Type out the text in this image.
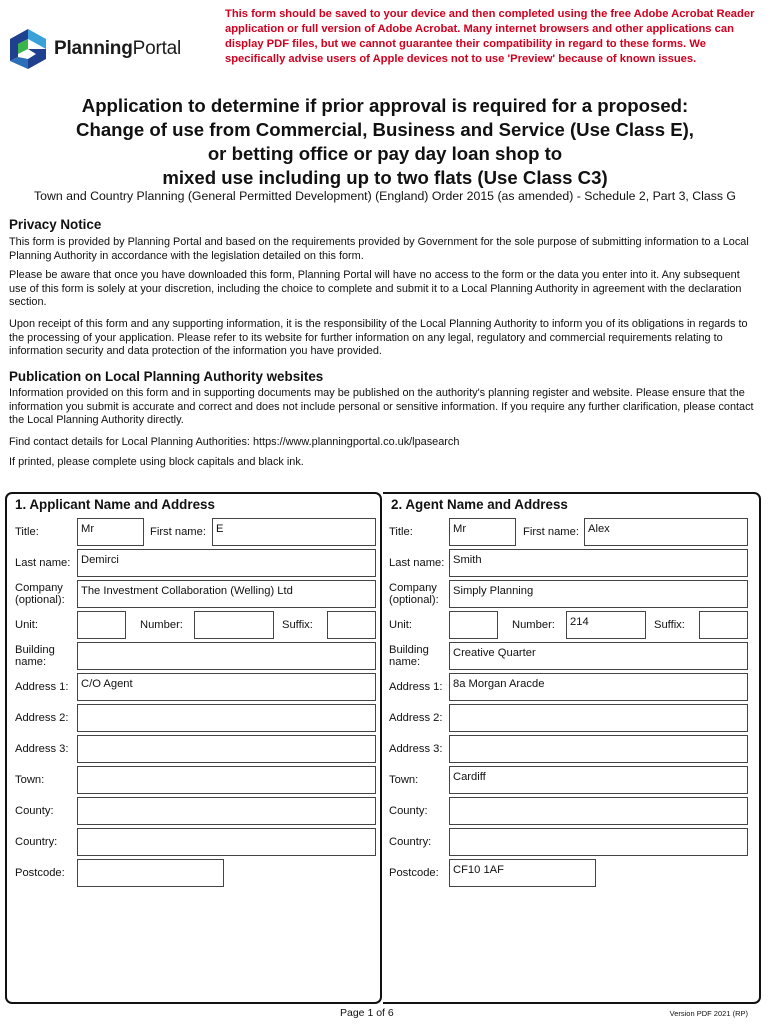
PlanningPortal
This form should be saved to your device and then completed using the free Adobe Acrobat Reader application or full version of Adobe Acrobat. Many internet browsers and other applications can display PDF files, but we cannot guarantee their compatibility in regard to these forms. We specifically advise users of Apple devices not to use 'Preview' because of known issues.
Application to determine if prior approval is required for a proposed:
Change of use from Commercial, Business and Service (Use Class E),
or betting office or pay day loan shop to
mixed use including up to two flats (Use Class C3)
Town and Country Planning (General Permitted Development) (England) Order 2015 (as amended) - Schedule 2, Part 3, Class G
Privacy Notice
This form is provided by Planning Portal and based on the requirements provided by Government for the sole purpose of submitting information to a Local Planning Authority in accordance with the legislation detailed on this form.
Please be aware that once you have downloaded this form, Planning Portal will have no access to the form or the data you enter into it. Any subsequent use of this form is solely at your discretion, including the choice to complete and submit it to a Local Planning Authority in agreement with the declaration section.
Upon receipt of this form and any supporting information, it is the responsibility of the Local Planning Authority to inform you of its obligations in regards to the processing of your application. Please refer to its website for further information on any legal, regulatory and commercial requirements relating to information security and data protection of the information you have provided.
Publication on Local Planning Authority websites
Information provided on this form and in supporting documents may be published on the authority's planning register and website. Please ensure that the information you submit is accurate and correct and does not include personal or sensitive information. If you require any further clarification, please contact the Local Planning Authority directly.
Find contact details for Local Planning Authorities: https://www.planningportal.co.uk/lpasearch
If printed, please complete using block capitals and black ink.
1. Applicant Name and Address
Title:	Mr	First name: E
Last name: Demirci
Company
(optional):
The Investment Collaboration (Welling) Ltd
Unit:	Number:	Suffix:
Building
name:
Address 1:	C/O Agent
Address 2:
Address 3:
Town:
County:
Country:
Postcode:
2. Agent Name and Address
Title:	Mr	First name: Alex
Last name: Smith
Company
(optional):
Simply Planning
Unit:	Number:	214	Suffix:
Building
name:
Creative Quarter
Address 1: 8a Morgan Aracde
Address 2:
Address 3:
Town:	Cardiff
County:
Country:
Postcode:	CF10 1AF
Page 1 of 6	Version PDF 2021 (RP)
